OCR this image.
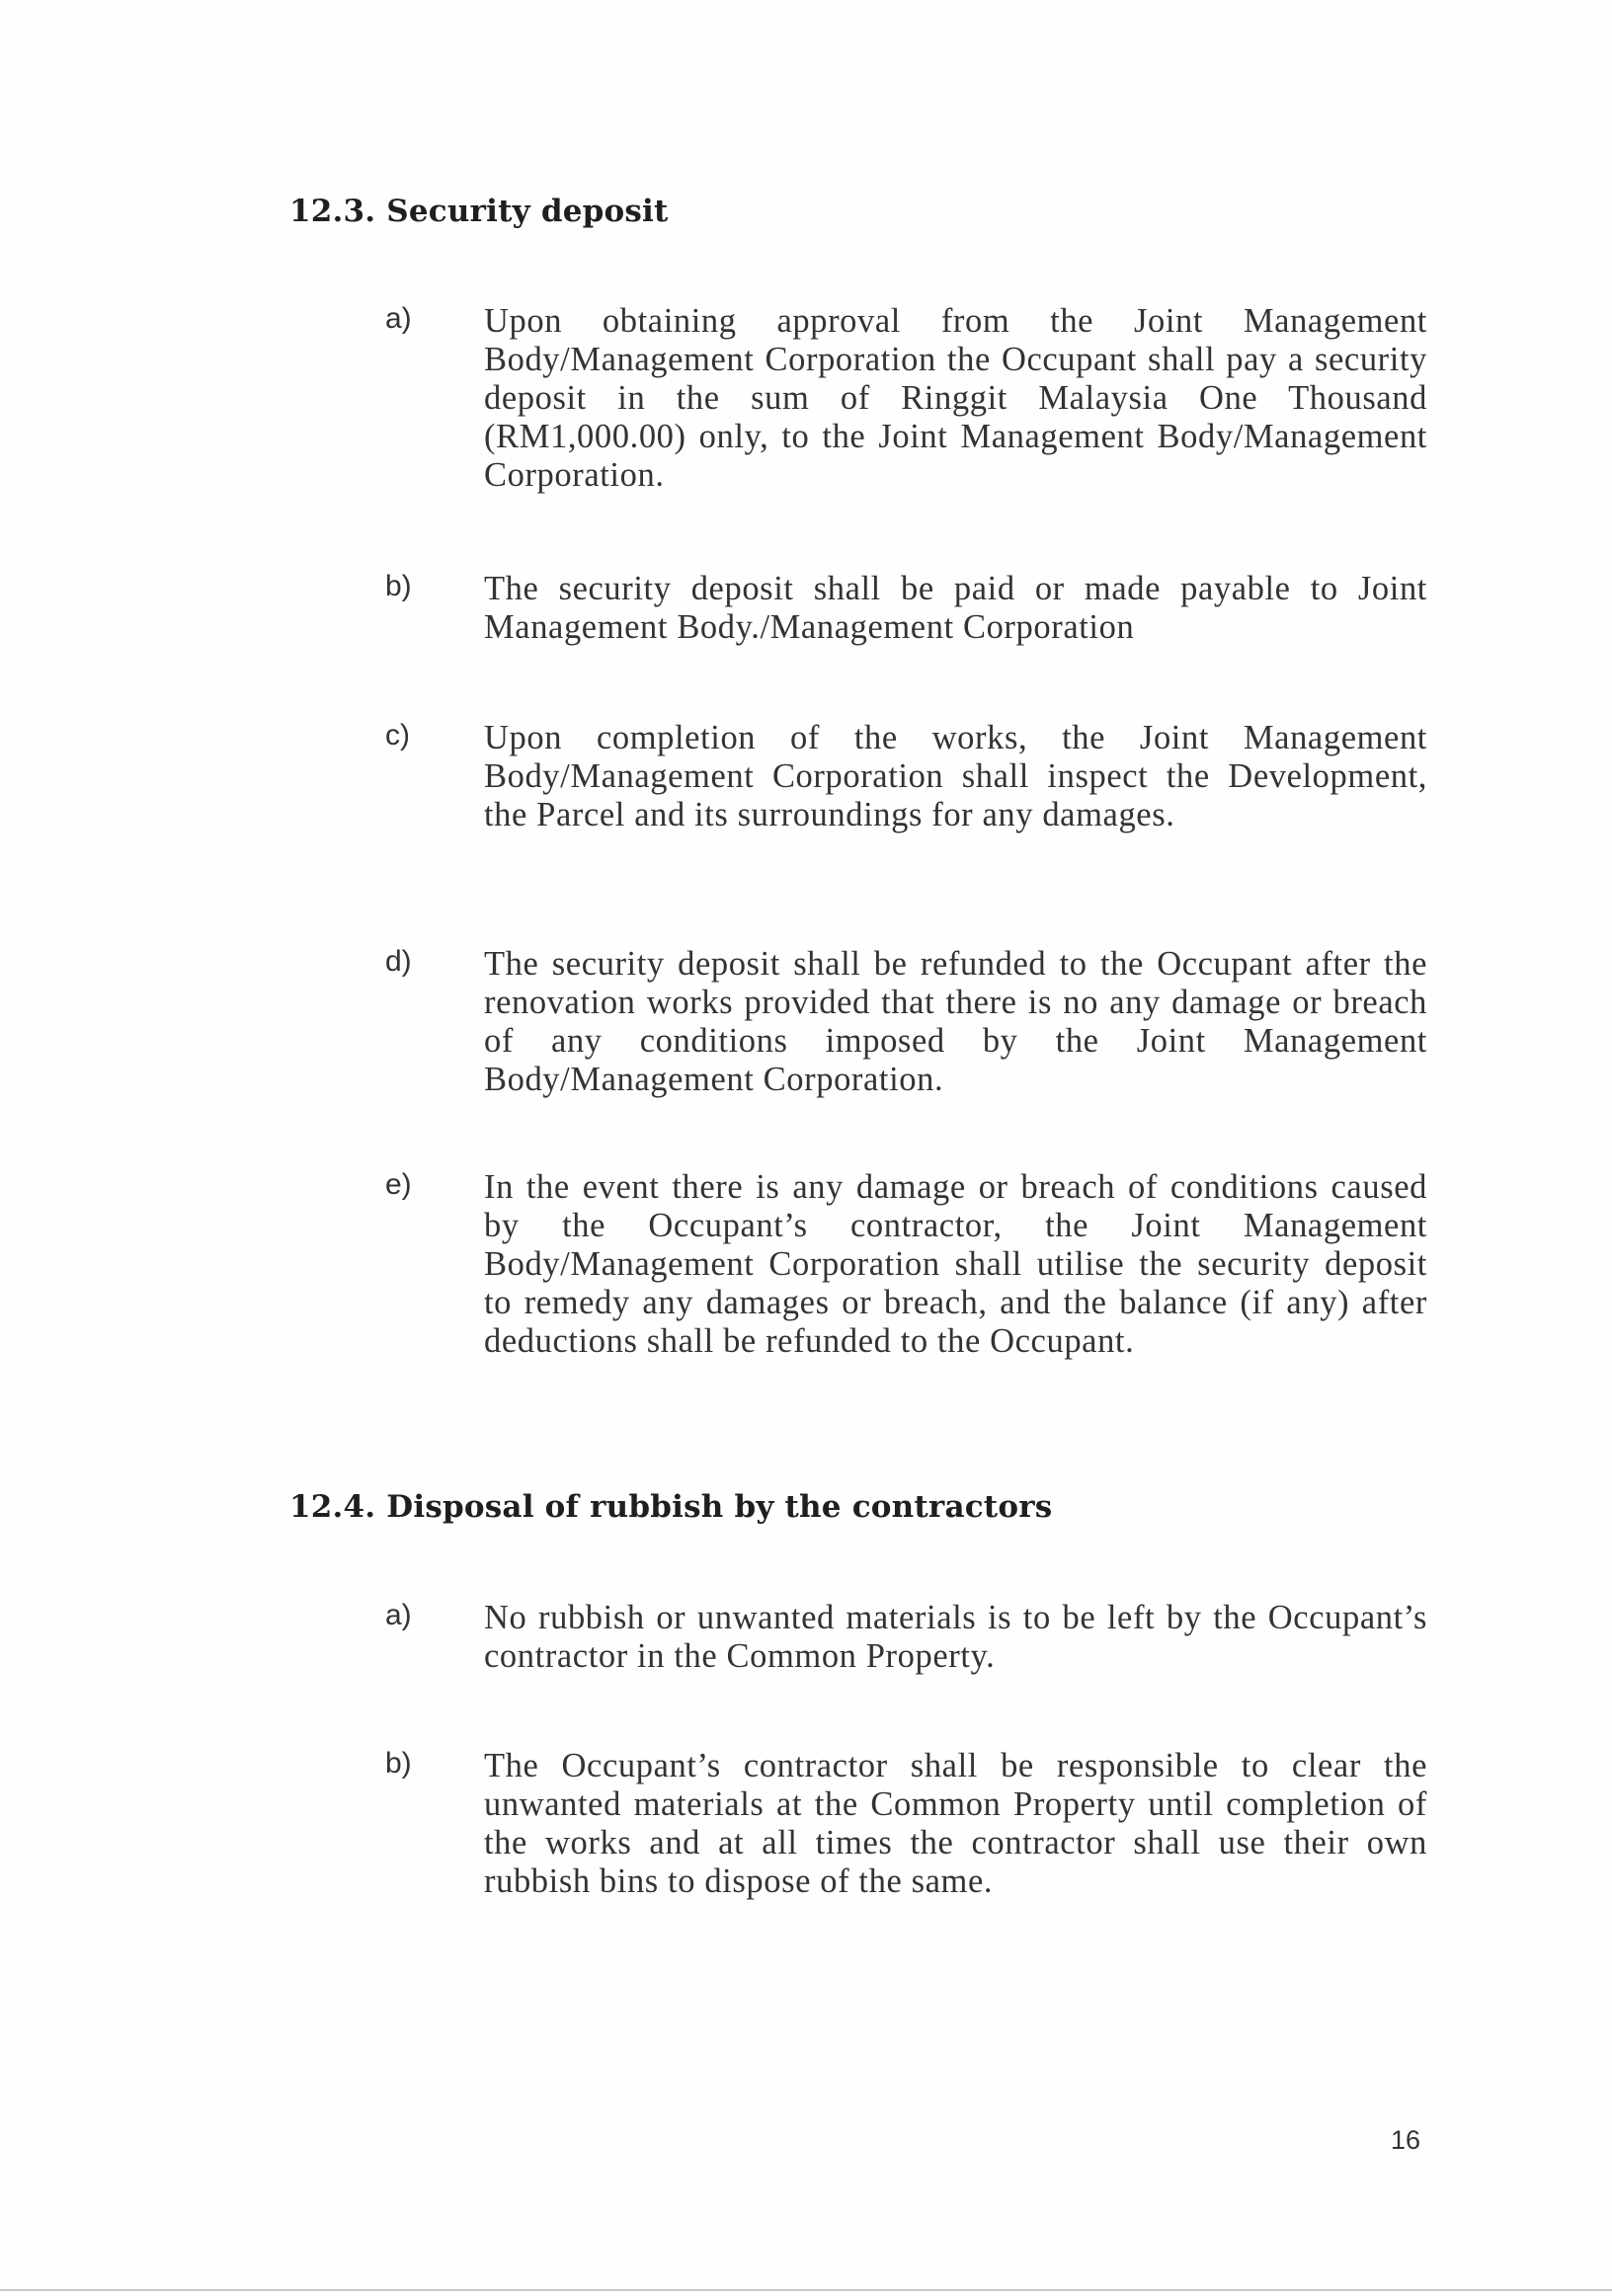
12.3. Security deposit
a) Upon obtaining approval from the Joint Management Body/Management Corporation the Occupant shall pay a security deposit in the sum of Ringgit Malaysia One Thousand (RM1,000.00) only, to the Joint Management Body/Management Corporation.
b) The security deposit shall be paid or made payable to Joint Management Body./Management Corporation
c) Upon completion of the works, the Joint Management Body/Management Corporation shall inspect the Development, the Parcel and its surroundings for any damages.
d) The security deposit shall be refunded to the Occupant after the renovation works provided that there is no any damage or breach of any conditions imposed by the Joint Management Body/Management Corporation.
e) In the event there is any damage or breach of conditions caused by the Occupant’s contractor, the Joint Management Body/Management Corporation shall utilise the security deposit to remedy any damages or breach, and the balance (if any) after deductions shall be refunded to the Occupant.
12.4. Disposal of rubbish by the contractors
a) No rubbish or unwanted materials is to be left by the Occupant’s contractor in the Common Property.
b) The Occupant’s contractor shall be responsible to clear the unwanted materials at the Common Property until completion of the works and at all times the contractor shall use their own rubbish bins to dispose of the same.
16
